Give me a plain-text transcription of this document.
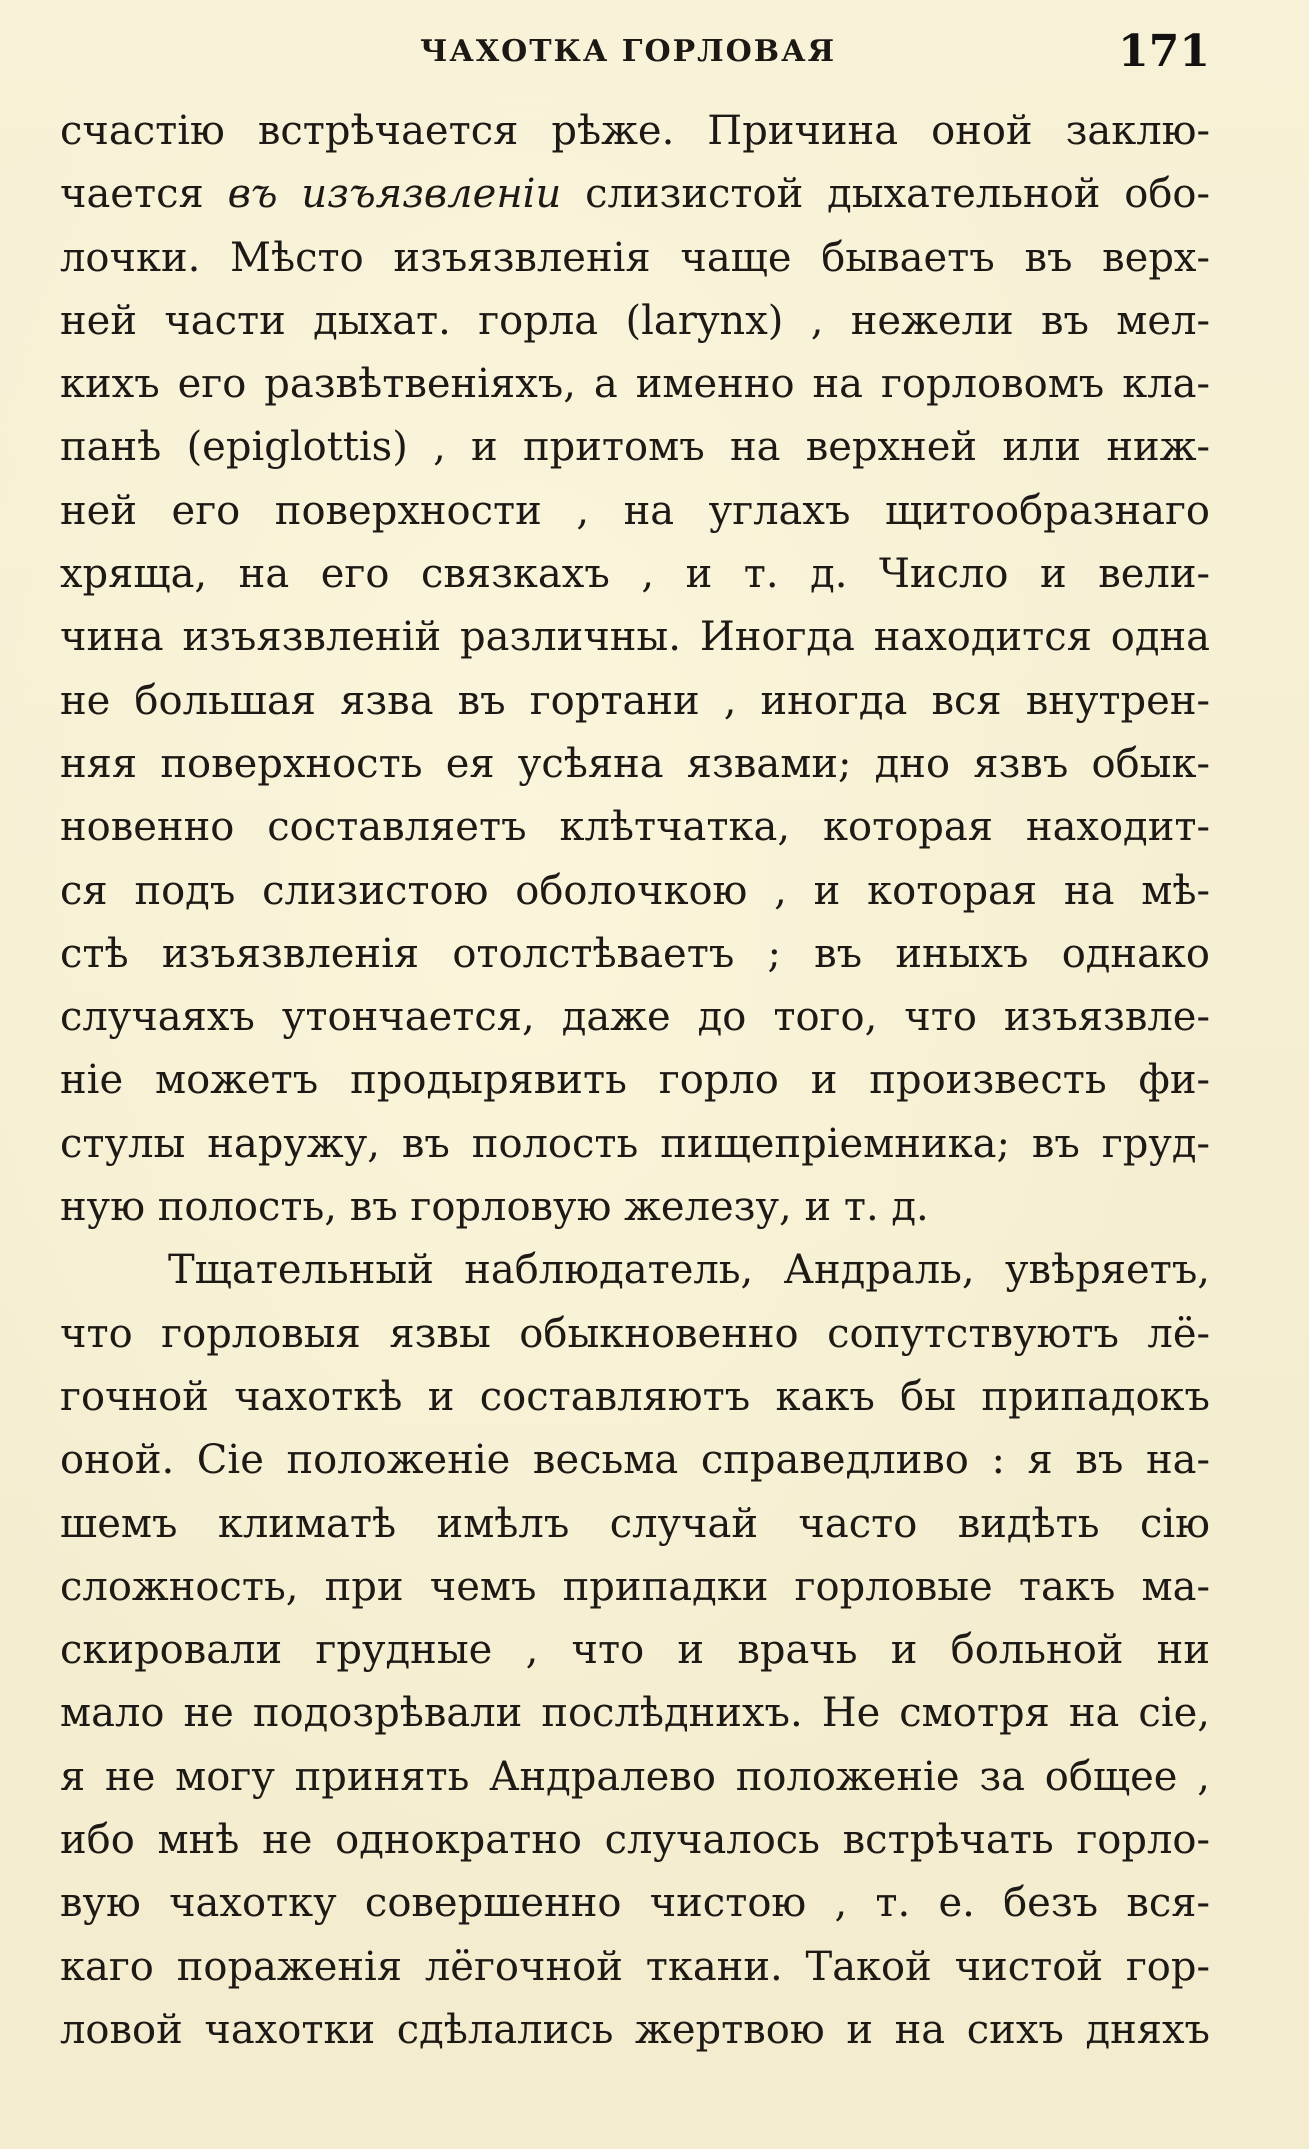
ЧАХОТКА ГОРЛОВАЯ	171
счастію встрѣчается рѣже. Причина оной заклю-
чается въ изъязвленіи слизистой дыхательной обо-
лочки. Мѣсто изъязвленія чаще бываетъ въ верх-
ней части дыхат. горла (larynx) , нежели въ мел-
кихъ его развѣтвеніяхъ, а именно на горловомъ кла-
панѣ (epiglottis) , и притомъ на верхней или ниж-
ней его поверхности , на углахъ щитообразнаго
хряща, на его связкахъ , и т. д. Число и вели-
чина изъязвленій различны. Иногда находится одна
не большая язва въ гортани , иногда вся внутрен-
няя поверхность ея усѣяна язвами; дно язвъ обык-
новенно составляетъ клѣтчатка, которая находит-
ся подъ слизистою оболочкою , и которая на мѣ-
стѣ изъязвленія отолстѣваетъ ; въ иныхъ однако
случаяхъ утончается, даже до того, что изъязвле-
ніе можетъ продырявить горло и произвесть фи-
стулы наружу, въ полость пищепріемника; въ груд-
ную полость, въ горловую железу, и т. д.
Тщательный наблюдатель, Андраль, увѣряетъ,
что горловыя язвы обыкновенно сопутствуютъ лё-
гочной чахоткѣ и составляютъ какъ бы припадокъ
оной. Сіе положеніе весьма справедливо : я въ на-
шемъ климатѣ имѣлъ случай часто видѣть сію
сложность, при чемъ припадки горловые такъ ма-
скировали грудные , что и врачь и больной ни
мало не подозрѣвали послѣднихъ. Не смотря на сіе,
я не могу принять Андралево положеніе за общее ,
ибо мнѣ не однократно случалось встрѣчать горло-
вую чахотку совершенно чистою , т. е. безъ вся-
каго пораженія лёгочной ткани. Такой чистой гор-
ловой чахотки сдѣлались жертвою и на сихъ дняхъ
